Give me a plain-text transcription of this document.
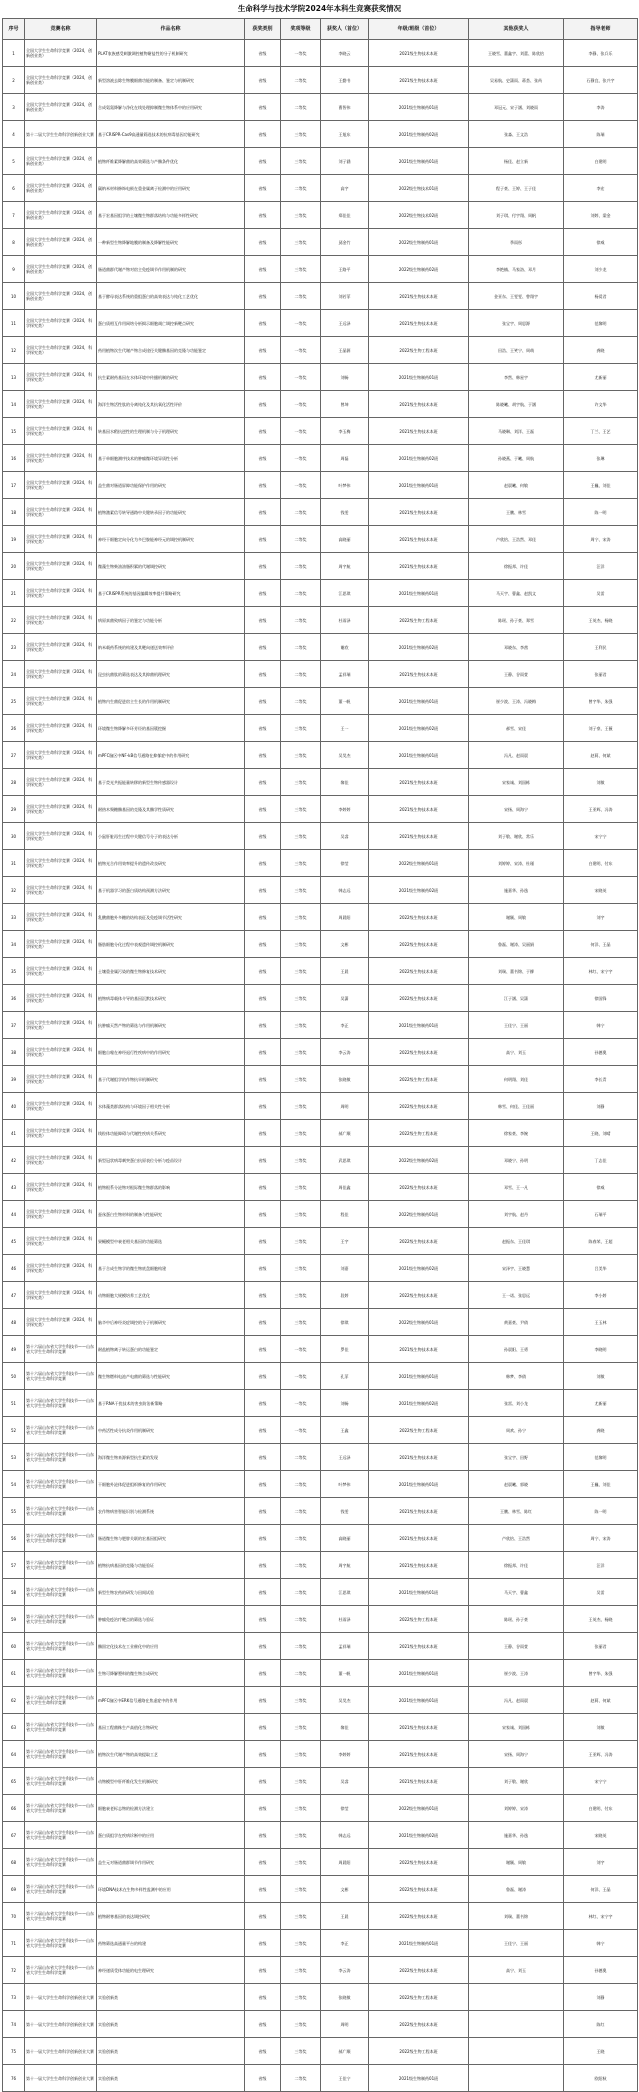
生命科学与技术学院2024年本科生竞赛获奖情况
序号	竞赛名称	作品名称	获奖类别	奖项等级	获奖人（首位）	年级/班级（首位）	其他获奖人	指导老师
1	全国大学生生命科学竞赛（2024，创新创业类）	PLAT家族感受刺激调控植物耐盐性的分子机制研究	省级	一等奖	李晓云	2021级生物技术本班	王晓雪、董鑫宇、刘蕾、陈欣怡	李静、张兵乐
2	全国大学生生命科学竞赛（2024，创新创业类）	新型溶液去除生物膜细菌功能的制备、鉴定与机制研究	省级	二等奖	王勤书	2021级生物技术本班	吴易航、史潇雨、蒋荟、张芮	石静宜、张兴宇
3	全国大学生生命科学竞赛（2024，创新创业类）	合成氨氮降解与净化在线处理抑制微生物体系中的应用研究	省级	二等奖	曹智伟	2021级生物制药01班	邓冠元、宋子涵、刘晓雨	李涛
4	第十二届大学生生命科学创新创业大赛	基于CRISPR-Cas9高通量筛选技术的抗病毒基因功能研究	省级	三等奖	王旭东	2021级生物制药02班	张淼、王文浩	陈瑞
5	全国大学生生命科学竞赛（2024，创新创业类）	植物纤维素降解菌的高效筛选与产酶条件优化	省级	三等奖	刘子涵	2021级生物制药01班	杨佳、赵立新	白建明
6	全国大学生生命科学竞赛（2024，创新创业类）	碳纳米材料修饰电极在重金属离子检测中的应用研究	省级	二等奖	高宇	2022级生物技术01班	程子豪、王婷、王子佳	李宏
7	全国大学生生命科学竞赛（2024，创新创业类）	基于宏基因组学的土壤微生物群落结构与功能多样性研究	省级	三等奖	郑佳佳	2022级生物技术02班	刘子琪、付宇翔、周帆	刘婷、梁金
8	全国大学生生命科学竞赛（2024，创新创业类）	一种新型生物降解地膜的制备及降解性能研究	省级	三等奖	邱金竹	2022级生物制药01班	季雨彤	徐威
9	全国大学生生命科学竞赛（2024，创新创业类）	肠道菌群代谢产物对宿主免疫调节作用机制的研究	省级	三等奖	王路平	2022级生物制药02班	李艳楠、马家洛、邓月	刘少龙
10	全国大学生生命科学竞赛（2024，创新创业类）	基于酵母表达系统的重组蛋白的高效表达与纯化工艺优化	省级	二等奖	刘若菲	2021级生物技术本班	金亚东、王雯雯、曾翔宇	杨爱君
11	全国大学生生命科学竞赛（2024，科学探究类）	蛋白质相互作用网络分析揭示细胞凋亡调控新靶点研究	省级	一等奖	王远泽	2021级生物技术本班	张宝宇、周思源	范黎明
12	全国大学生生命科学竞赛（2024，科学探究类）	药用植物次生代谢产物合成途径关键酶基因的克隆与功能鉴定	省级	一等奖	王晶源	2022级生物工程本班	田浩、王笑宁、周萌	龚晓
13	全国大学生生命科学竞赛（2024，科学探究类）	抗生素耐药基因在水体环境中传播机制的研究	省级	一等奖	刘畅	2021级生物制药01班	李然、韩星宇	尤新丽
14	全国大学生生命科学竞赛（2024，科学探究类）	海洋生物活性肽的分离纯化及其抗氧化活性评价	省级	一等奖	曾坤	2021级生物技术本班	陈晓曦、胡宇航、于涵	许文华
15	全国大学生生命科学竞赛（2024，科学探究类）	转基因水稻抗逆性的生理机制与分子机理研究	省级	一等奖	李玉梅	2021级生物技术本班	马晓琳、刘洋、王磊	丁兰、王艺
16	全国大学生生命科学竞赛（2024，科学探究类）	基于单细胞测序技术的肿瘤微环境异质性分析	省级	一等奖	周磊	2021级生物制药02班	孙晓燕、于曦、周航	张琳
17	全国大学生生命科学竞赛（2024，科学探究类）	益生菌对肠道屏障功能保护作用的研究	省级	一等奖	叶梦伟	2021级生物制药01班	赵晨曦、何敏	王巍、刘佳
18	全国大学生生命科学竞赛（2024，科学探究类）	植物激素信号转导通路中关键转录因子的功能研究	省级	二等奖	钱雯	2021级生物技术本班	王鹏、林雪	陈一明
19	全国大学生生命科学竞赛（2024，科学探究类）	神经干细胞定向分化为多巴胺能神经元的调控机制研究	省级	二等奖	高晓丽	2021级生物技术本班	卢欣怡、王浩然、邓佳	周宁、宋涛
20	全国大学生生命科学竞赛（2024，科学探究类）	微藻生物柴油油脂积累的代谢调控研究	省级	二等奖	周宇航	2021级生物技术本班	徐振邦、许佳	汪洋
21	全国大学生生命科学竞赛（2024，科学探究类）	基于CRISPR系统的基因编辑效率提升策略研究	省级	二等奖	江思琪	2021级生物制药01班	马天宇、曹鑫、赵凯文	吴雷
22	全国大学生生命科学竞赛（2024，科学探究类）	病原真菌致病因子的鉴定与功能分析	省级	二等奖	杜雨泽	2022级生物工程本班	陈瑶、孙子豪、郑雪	王英杰、杨晓
23	全国大学生生命科学竞赛（2024，科学探究类）	纳米载药系统的构建及其靶向递送效率评价	省级	二等奖	谢欣	2021级生物制药02班	邓晓东、李茜	王利民
24	全国大学生生命科学竞赛（2024，科学探究类）	昆虫抗菌肽的筛选表达及其抑菌机理研究	省级	二等奖	孟祥瑞	2021级生物技术本班	王静、谷雨萱	张丽君
25	全国大学生生命科学竞赛（2024，科学探究类）	植物内生菌促进宿主生长的作用机制研究	省级	二等奖	董一帆	2021级生物制药01班	崔少波、王涛、冯晓梅	曾宇华、朱强
26	全国大学生生命科学竞赛（2024，科学探究类）	环境微生物降解多环芳烃的基因簇挖掘	省级	三等奖	王一	2021级生物制药02班	郝雪、宋佳	刘子豪、王薇
27	全国大学生生命科学竞赛（2024，科学探究类）	mPFC脑区中NF-kB信号通路在抑郁症中的作用研究	省级	三等奖	吴昊杰	2021级生物制药01班	冯凡、赵雨晨	赵莉、何斌
28	全国大学生生命科学竞赛（2024，科学探究类）	基于荧光共振能量转移的新型生物传感器设计	省级	三等奖	黎佳	2021级生物技术本班	宋家诚、刘国栋	刘敏
29	全国大学生生命科学竞赛（2024，科学探究类）	耐热木聚糖酶基因的克隆及其酶学性质研究	省级	三等奖	李婷婷	2021级生物技术本班	宋扬、周海宁	王亚辉、冯涛
30	全国大学生生命科学竞赛（2024，科学探究类）	小鼠肝脏再生过程中关键信号分子的表达分析	省级	三等奖	吴睿	2021级生物技术本班	刘子敬、谢欣、常乐	宋宁宁
31	全国大学生生命科学竞赛（2024，科学探究类）	植物光合作用效率提升的遗传改良研究	省级	三等奖	徐莹	2022级生物制药01班	刘婷婷、宋涛、杜瑾	白建明、付东
32	全国大学生生命科学竞赛（2024，科学探究类）	基于机器学习的蛋白质结构预测方法研究	省级	三等奖	韩志远	2021级生物制药02班	施嘉华、孙逸	宋晓英
33	全国大学生生命科学竞赛（2024，科学探究类）	乳酸菌胞外多糖的结构表征及免疫调节活性研究	省级	三等奖	周晨阳	2022级生物技术本班	谢颖、周敏	刘宇
34	全国大学生生命科学竞赛（2024，科学探究类）	脂肪细胞分化过程中表观遗传调控机制研究	省级	三等奖	文彬	2022级生物技术本班	鲁磊、谢涛、吴丽娟	何洋、王晶
35	全国大学生生命科学竞赛（2024，科学探究类）	土壤重金属污染的微生物修复技术研究	省级	三等奖	王晨	2022级生物技术本班	刘瑞、董书锦、于柳	林红、宋宁宇
36	全国大学生生命科学竞赛（2024，科学探究类）	植物病毒载体介导的基因沉默技术研究	省级	三等奖	吴潇	2022级生物技术本班	江子涵、吴潇	徐国锋
37	全国大学生生命科学竞赛（2024，科学探究类）	抗肿瘤天然产物的筛选与作用机制研究	省级	三等奖	李正	2021级生物制药01班	王佳宁、王丽	韩宁
38	全国大学生生命科学竞赛（2024，科学探究类）	细胞自噬在神经退行性疾病中的作用研究	省级	三等奖	李云涛	2022级生物技术本班	高宁、刘玉	孙德奥
39	全国大学生生命科学竞赛（2024，科学探究类）	基于代谢组学的作物抗旱机制研究	省级	三等奖	张晓敏	2022级生物工程本班	何明翔、刘佳	李长青
40	全国大学生生命科学竞赛（2024，科学探究类）	水体藻类群落结构与环境因子相关性分析	省级	三等奖	周明	2022级生物技术本班	韩雪、何佳、王佳丽	刘静
41	全国大学生生命科学竞赛（2024，科学探究类）	线粒体功能障碍与代谢性疾病关系研究	省级	三等奖	郝广顺	2022级生物工程本班	徐家豪、李婉	王晓、刘晴
42	全国大学生生命科学竞赛（2024，科学探究类）	新型冠状病毒刺突蛋白抗原表位分析与疫苗设计	省级	三等奖	武思琪	2022级生物制药02班	邓晓宁、孙明	丁志佳
43	全国大学生生命科学竞赛（2024，科学探究类）	植物根系分泌物对根际微生物群落的影响	省级	三等奖	周佳鑫	2022级生物技术本班	邓雪、王一凡	徐威
44	全国大学生生命科学竞赛（2024，科学探究类）	蚕丝蛋白生物材料的制备与性能研究	省级	三等奖	程佳	2022级生物制药01班	刘宇航、赵丹	石瑞平
45	全国大学生生命科学竞赛（2024，科学探究类）	果蝇模型中衰老相关基因的功能筛选	省级	三等奖	王宇	2022级生物技术本班	赵振东、王佳琪	陈春荣、王超
46	全国大学生生命科学竞赛（2024，科学探究类）	基于合成生物学的微生物底盘细胞构建	省级	三等奖	刘嘉	2021级生物制药02班	宋泽宇、王晓慧	吕美华
47	全国大学生生命科学竞赛（2024，科学探究类）	动物细胞大规模培养工艺优化	省级	三等奖	段婷	2022级生物技术本班	王一诺、张思远	李小婷
48	全国大学生生命科学竞赛（2024，科学探究类）	脑卒中后神经炎症调控的分子机制研究	省级	三等奖	徐琪	2022级生物制药01班	黄嘉豪、尹倩	王玉林
49	第十六届山东省大学生科技节——山东省大学生生命科学竞赛	耐盐植物离子转运蛋白的功能鉴定	省级	一等奖	罗佳	2021级生物技术本班	孙晨阳、王勇	李晓明
50	第十六届山东省大学生科技节——山东省大学生生命科学竞赛	微生物燃料电池产电菌的筛选与性能研究	省级	一等奖	孔菲	2021级生物制药01班	韩梦、李倩	刘敏
51	第十六届山东省大学生科技节——山东省大学生生命科学竞赛	基于RNA干扰技术的害虫防治新策略	省级	一等奖	刘畅	2021级生物制药02班	张雷、刘小龙	尤新丽
52	第十六届山东省大学生科技节——山东省大学生生命科学竞赛	中药活性成分抗炎作用机制研究	省级	一等奖	王鑫	2022级生物工程本班	周欢、孙宁	龚晓
53	第十六届山东省大学生科技节——山东省大学生生命科学竞赛	海洋微生物来源新型抗生素的发现	省级	二等奖	王远泽	2021级生物技术本班	张宝宇、田野	范黎明
54	第十六届山东省大学生科技节——山东省大学生生命科学竞赛	干细胞外泌体促进组织修复的作用研究	省级	二等奖	叶梦伟	2021级生物制药01班	赵晨曦、郭晓	王巍、刘佳
55	第十六届山东省大学生科技节——山东省大学生生命科学竞赛	农作物病害智能识别与检测系统	省级	二等奖	钱雯	2021级生物技术本班	王鹏、林雪、陈红	陈一明
56	第十六届山东省大学生科技节——山东省大学生生命科学竞赛	肠道微生物与肥胖关联的宏基因组研究	省级	二等奖	高晓丽	2021级生物技术本班	卢欣怡、王浩然	周宁、宋涛
57	第十六届山东省大学生科技节——山东省大学生生命科学竞赛	植物抗病基因的克隆与功能验证	省级	二等奖	周宇航	2021级生物技术本班	徐振邦、许佳	汪洋
58	第十六届山东省大学生科技节——山东省大学生生命科学竞赛	新型生物农药的研发与田间试验	省级	二等奖	江思琪	2021级生物制药01班	马天宇、曹鑫	吴雷
59	第十六届山东省大学生科技节——山东省大学生生命科学竞赛	肿瘤免疫治疗靶点的筛选与验证	省级	二等奖	杜雨泽	2022级生物工程本班	陈瑶、孙子豪	王英杰、杨晓
60	第十六届山东省大学生科技节——山东省大学生生命科学竞赛	酶固定化技术在工业催化中的应用	省级	二等奖	孟祥瑞	2021级生物技术本班	王静、谷雨萱	张丽君
61	第十六届山东省大学生科技节——山东省大学生生命科学竞赛	生物可降解塑料的微生物合成研究	省级	二等奖	董一帆	2021级生物制药01班	崔少波、王涛	曾宇华、朱强
62	第十六届山东省大学生科技节——山东省大学生生命科学竞赛	mPFC脑区中ERK信号通路在焦虑症中的作用	省级	三等奖	吴昊杰	2021级生物制药01班	冯凡、赵雨晨	赵莉、何斌
63	第十六届山东省大学生科技节——山东省大学生生命科学竞赛	基因工程菌株生产高值化合物研究	省级	三等奖	黎佳	2021级生物技术本班	宋家诚、刘国栋	刘敏
64	第十六届山东省大学生科技节——山东省大学生生命科学竞赛	植物次生代谢产物的高效提取工艺	省级	三等奖	李婷婷	2021级生物技术本班	宋扬、周海宁	王亚辉、冯涛
65	第十六届山东省大学生科技节——山东省大学生生命科学竞赛	动物模型中肝纤维化发生机制研究	省级	三等奖	吴睿	2021级生物技术本班	刘子敬、谢欣	宋宁宁
66	第十六届山东省大学生科技节——山东省大学生生命科学竞赛	细胞衰老标志物的检测方法建立	省级	三等奖	徐莹	2022级生物制药01班	刘婷婷、宋涛	白建明、付东
67	第十六届山东省大学生科技节——山东省大学生生命科学竞赛	蛋白质组学在疾病诊断中的应用	省级	三等奖	韩志远	2021级生物制药02班	施嘉华、孙逸	宋晓英
68	第十六届山东省大学生科技节——山东省大学生生命科学竞赛	益生元对肠道菌群调节作用研究	省级	三等奖	周晨阳	2022级生物技术本班	谢颖、周敏	刘宇
69	第十六届山东省大学生科技节——山东省大学生生命科学竞赛	环境DNA技术在生物多样性监测中的应用	省级	三等奖	文彬	2022级生物技术本班	鲁磊、谢涛	何洋、王晶
70	第十六届山东省大学生科技节——山东省大学生生命科学竞赛	植物耐寒基因的表达调控研究	省级	三等奖	王晨	2022级生物技术本班	刘瑞、董书锦	林红、宋宁宇
71	第十六届山东省大学生科技节——山东省大学生生命科学竞赛	药物筛选高通量平台的构建	省级	三等奖	李正	2021级生物制药01班	王佳宁、王丽	韩宁
72	第十六届山东省大学生科技节——山东省大学生生命科学竞赛	神经递质受体功能的电生理研究	省级	三等奖	李云涛	2022级生物技术本班	高宁、刘玉	孙德奥
73	第十一届大学生生命科学创新创业大赛	实验创新类	省级	三等奖	张晓敏	2022级生物工程本班		刘静
74	第十一届大学生生命科学创新创业大赛	实验创新类	省级	三等奖	周明	2022级生物技术本班		陈红
75	第十一届大学生生命科学创新创业大赛	实验创新类	省级	三等奖	郝广顺	2022级生物工程本班		王晓
76	第十一届大学生生命科学创新创业大赛	实验创新类	省级	二等奖	王佳宁	2021级生物制药01班		欧阳秋
